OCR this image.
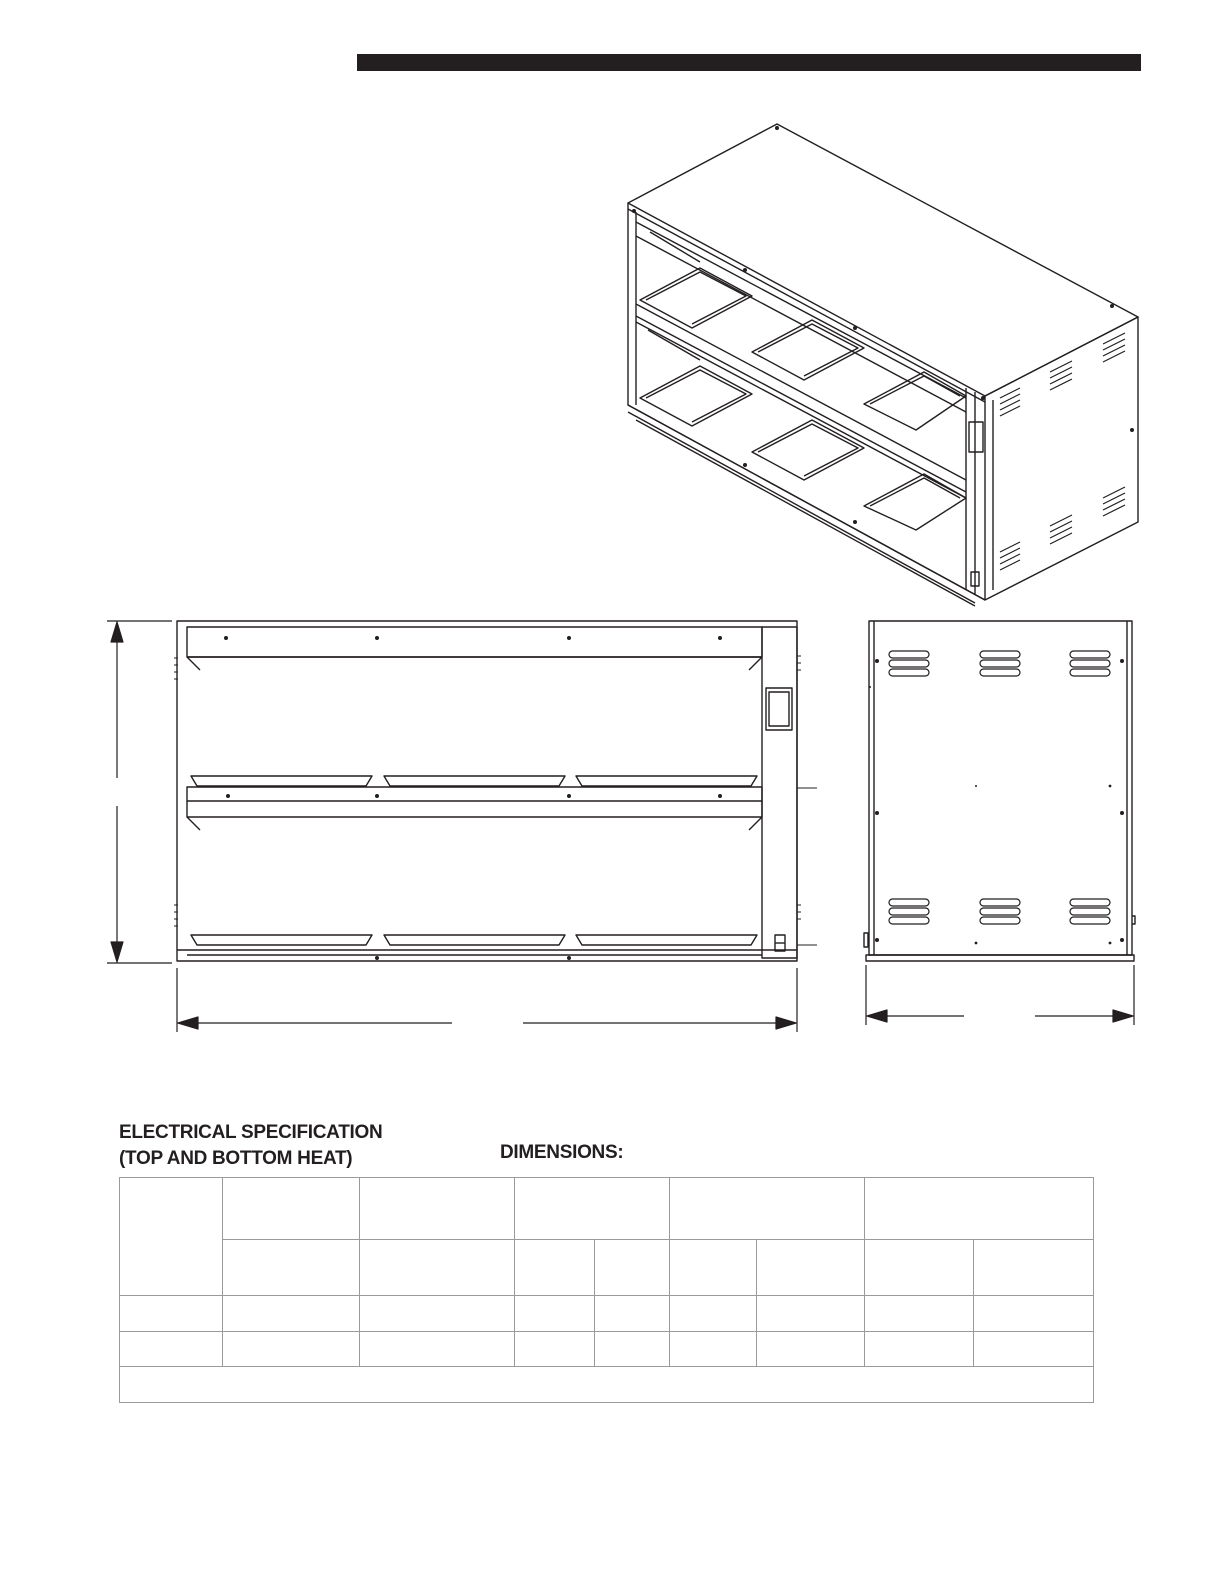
ELECTRICAL SPECIFICATION
(TOP AND BOTTOM HEAT)	DIMENSIONS:
